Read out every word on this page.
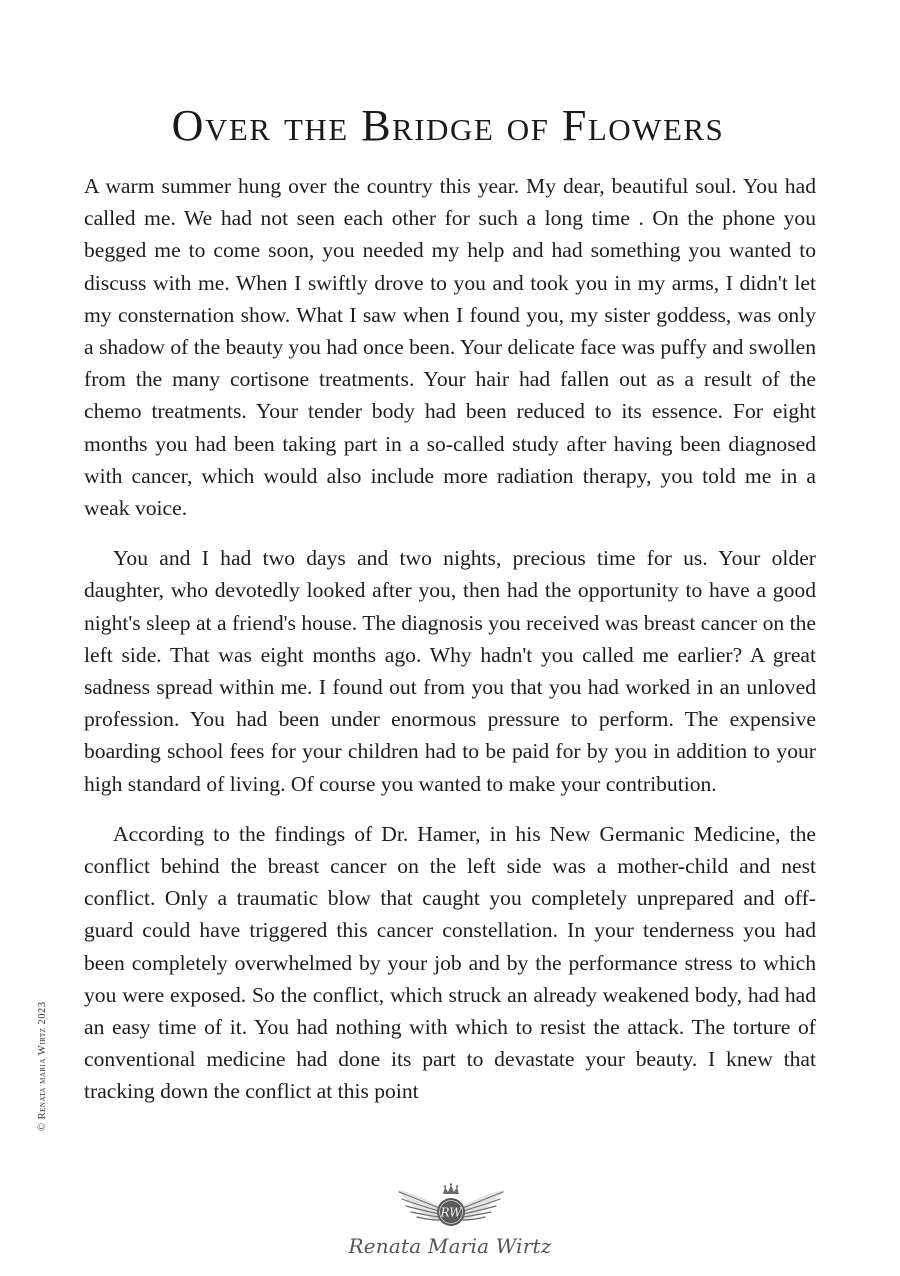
Over the Bridge of Flowers

A warm summer hung over the country this year. My dear, beautiful soul. You had called me. We had not seen each other for such a long time . On the phone you begged me to come soon, you needed my help and had something you wanted to discuss with me. When I swiftly drove to you and took you in my arms, I didn't let my consternation show. What I saw when I found you, my sister goddess, was only a shadow of the beauty you had once been. Your delicate face was puffy and swollen from the many cortisone treatments. Your hair had fallen out as a result of the chemo treatments. Your tender body had been reduced to its essence. For eight months you had been taking part in a so-called study after having been diagnosed with cancer, which would also include more radiation therapy, you told me in a weak voice.

You and I had two days and two nights, precious time for us. Your older daughter, who devotedly looked after you, then had the opportunity to have a good night's sleep at a friend's house. The diagnosis you received was breast cancer on the left side. That was eight months ago. Why hadn't you called me earlier? A great sadness spread within me. I found out from you that you had worked in an unloved profession. You had been under enormous pressure to perform. The expensive boarding school fees for your children had to be paid for by you in addition to your high standard of living. Of course you wanted to make your contribution.

According to the findings of Dr. Hamer, in his New Germanic Medicine, the conflict behind the breast cancer on the left side was a mother-child and nest conflict. Only a traumatic blow that caught you completely unprepared and off-guard could have triggered this cancer constellation. In your tenderness you had been completely overwhelmed by your job and by the performance stress to which you were exposed. So the conflict, which struck an already weakened body, had had an easy time of it. You had nothing with which to resist the attack. The torture of conventional medicine had done its part to devastate your beauty. I knew that tracking down the conflict at this point

© Renata maria Wirtz 2023
RW
Renata Maria Wirtz
